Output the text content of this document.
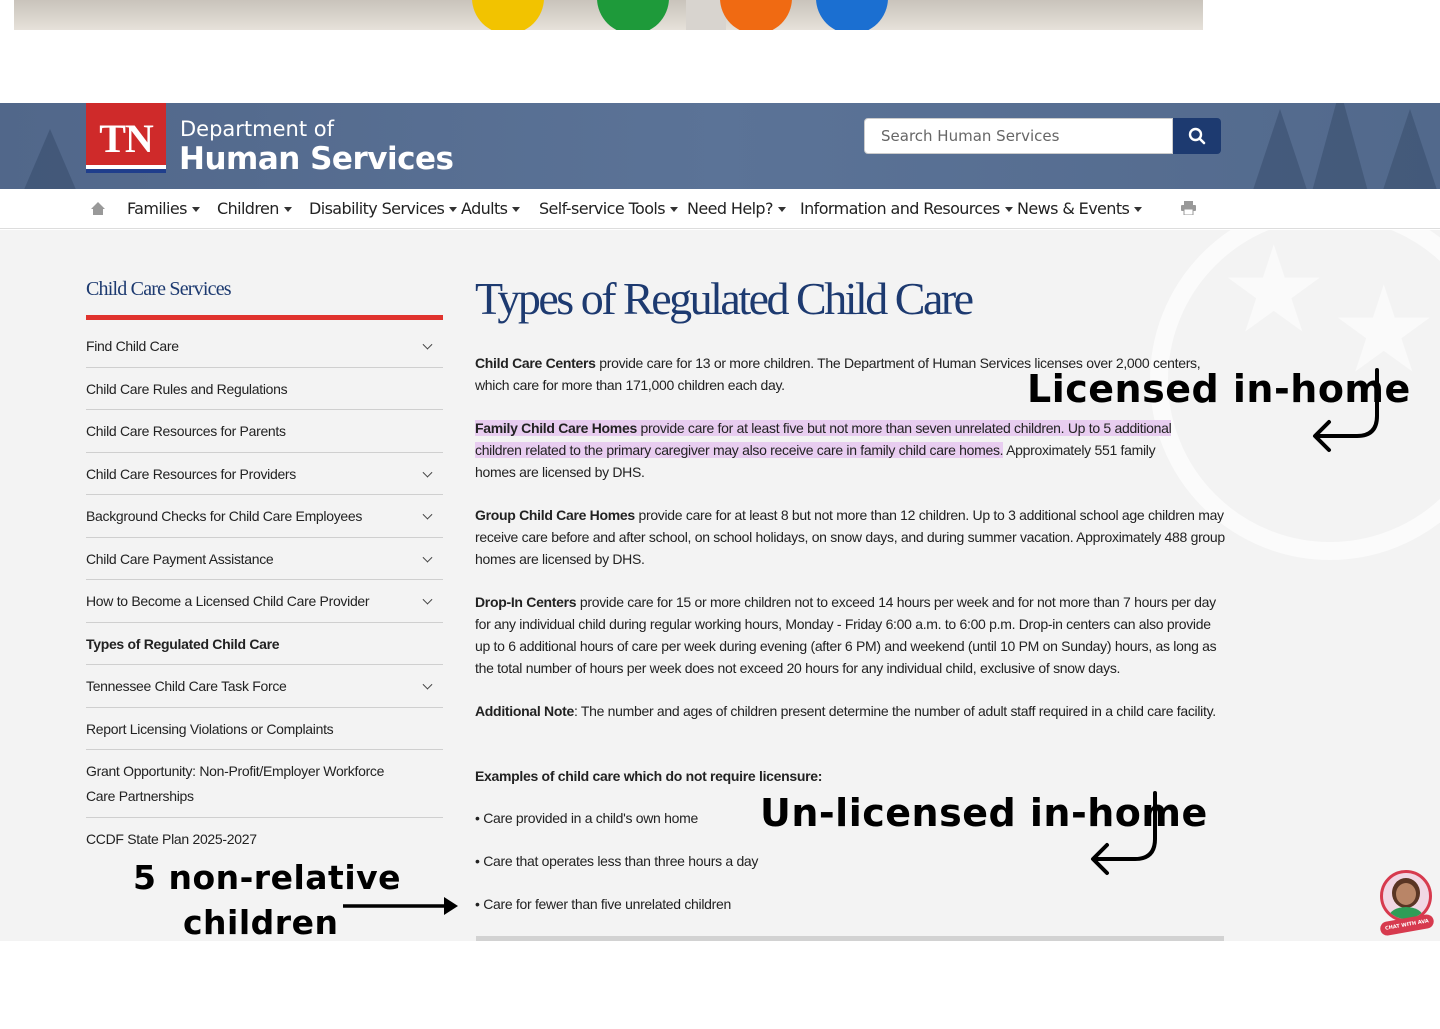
TN Department of
Human Services
Search Human Services
Families	Children	Disability Services	Adults	Self-service Tools	Need Help?	Information and Resources	News & Events
★ ★
Child Care Services
Find Child Care
Child Care Rules and Regulations
Child Care Resources for Parents
Child Care Resources for Providers
Background Checks for Child Care Employees
Child Care Payment Assistance
How to Become a Licensed Child Care Provider
Types of Regulated Child Care
Tennessee Child Care Task Force
Report Licensing Violations or Complaints
Grant Opportunity: Non-Profit/Employer Workforce Care Partnerships
CCDF State Plan 2025-2027
Types of Regulated Child Care
Child Care Centers provide care for 13 or more children. The Department of Human Services licenses over 2,000 centers, which care for more than 171,000 children each day.
Family Child Care Homes provide care for at least five but not more than seven unrelated children. Up to 5 additional children related to the primary caregiver may also receive care in family child care homes. Approximately 551 family homes are licensed by DHS.
Group Child Care Homes provide care for at least 8 but not more than 12 children. Up to 3 additional school age children may receive care before and after school, on school holidays, on snow days, and during summer vacation. Approximately 488 group homes are licensed by DHS.
Drop-In Centers provide care for 15 or more children not to exceed 14 hours per week and for not more than 7 hours per day for any individual child during regular working hours, Monday - Friday 6:00 a.m. to 6:00 p.m. Drop-in centers can also provide up to 6 additional hours of care per week during evening (after 6 PM) and weekend (until 10 PM on Sunday) hours, as long as the total number of hours per week does not exceed 20 hours for any individual child, exclusive of snow days.
Additional Note: The number and ages of children present determine the number of adult staff required in a child care facility.
Examples of child care which do not require licensure:
• Care provided in a child's own home
• Care that operates less than three hours a day
• Care for fewer than five unrelated children
Licensed in-home
Un-licensed in-home
5 non-relative
children	CHAT WITH AVA
